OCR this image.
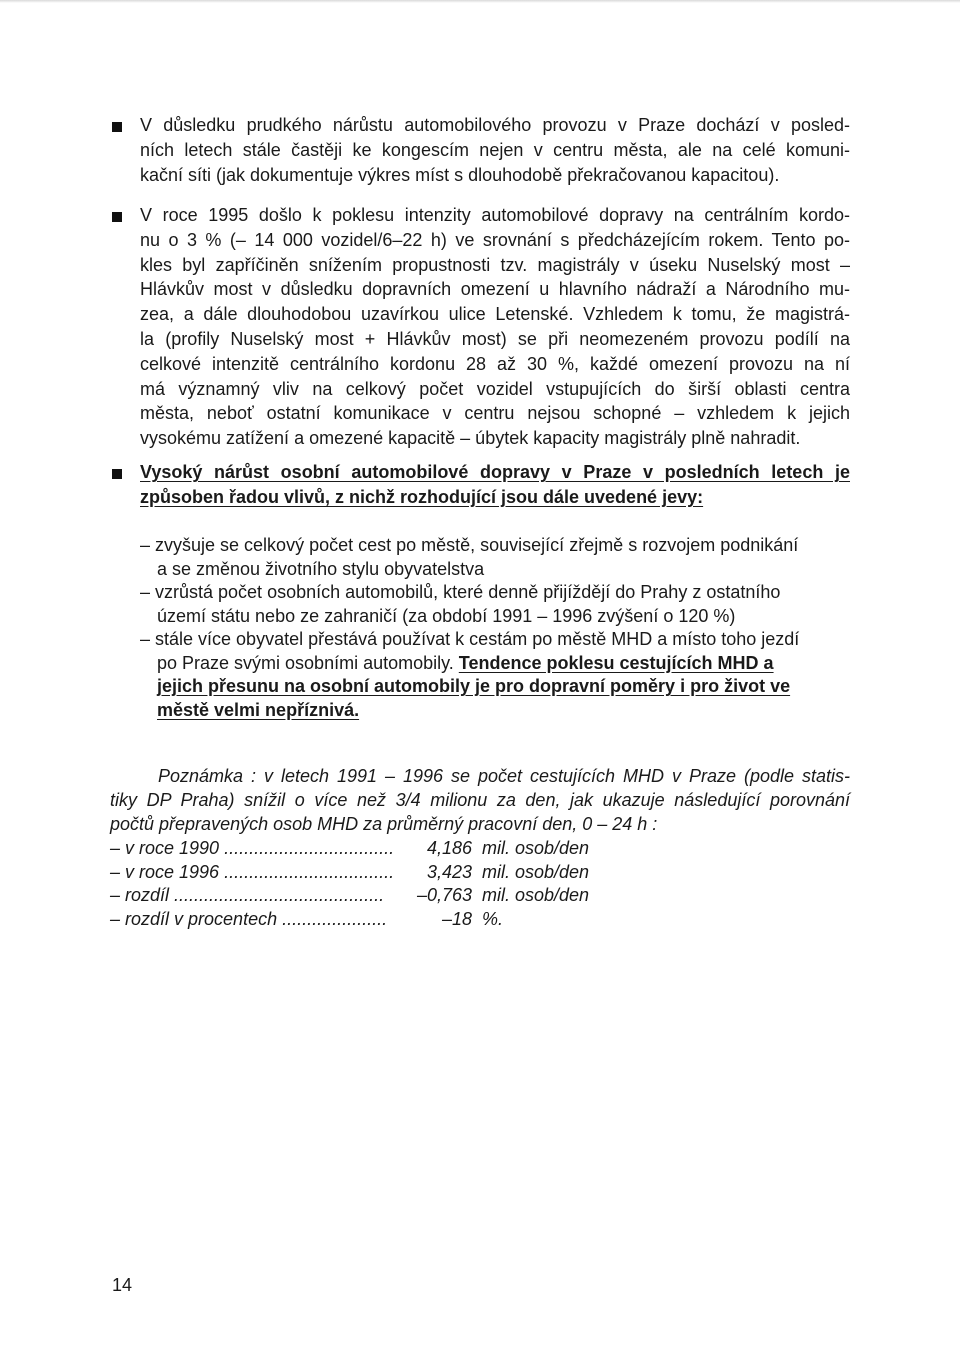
V důsledku prudkého nárůstu automobilového provozu v Praze dochází v posled-
ních letech stále častěji ke kongescím nejen v centru města, ale na celé komuni-
kační síti (jak dokumentuje výkres míst s dlouhodobě překračovanou kapacitou).

V roce 1995 došlo k poklesu intenzity automobilové dopravy na centrálním kordo-
nu o 3 % (– 14 000 vozidel/6–22 h) ve srovnání s předcházejícím rokem. Tento po-
kles byl zapříčiněn snížením propustnosti tzv. magistrály v úseku Nuselský most –
Hlávkův most v důsledku dopravních omezení u hlavního nádraží a Národního mu-
zea, a dále dlouhodobou uzavírkou ulice Letenské. Vzhledem k tomu, že magistrá-
la (profily Nuselský most + Hlávkův most) se při neomezeném provozu podílí na
celkové intenzitě centrálního kordonu 28 až 30 %, každé omezení provozu na ní
má významný vliv na celkový počet vozidel vstupujících do širší oblasti centra
města, neboť ostatní komunikace v centru nejsou schopné – vzhledem k jejich
vysokému zatížení a omezené kapacitě – úbytek kapacity magistrály plně nahradit.

Vysoký nárůst osobní automobilové dopravy v Praze v posledních letech je
způsoben řadou vlivů, z nichž rozhodující jsou dále uvedené jevy:

– zvyšuje se celkový počet cest po městě, související zřejmě s rozvojem podnikání
a se změnou životního stylu obyvatelstva
– vzrůstá počet osobních automobilů, které denně přijíždějí do Prahy z ostatního
území státu nebo ze zahraničí (za období 1991 – 1996 zvýšení o 120 %)
– stále více obyvatel přestává používat k cestám po městě MHD a místo toho jezdí
po Praze svými osobními automobily. Tendence poklesu cestujících MHD a
jejich přesunu na osobní automobily je pro dopravní poměry i pro život ve
městě velmi nepříznivá.
Poznámka : v letech 1991 – 1996 se počet cestujících MHD v Praze (podle statis-
tiky DP Praha) snížil o více než 3/4 milionu za den, jak ukazuje následující porovnání
počtů přepravených osob MHD za průměrný pracovní den, 0 – 24 h :
– v roce 1990 ..................................	4,186 mil. osob/den
– v roce 1996 ..................................	3,423 mil. osob/den
– rozdíl ..........................................	–0,763 mil. osob/den
– rozdíl v procentech .....................	–18 %.
14
